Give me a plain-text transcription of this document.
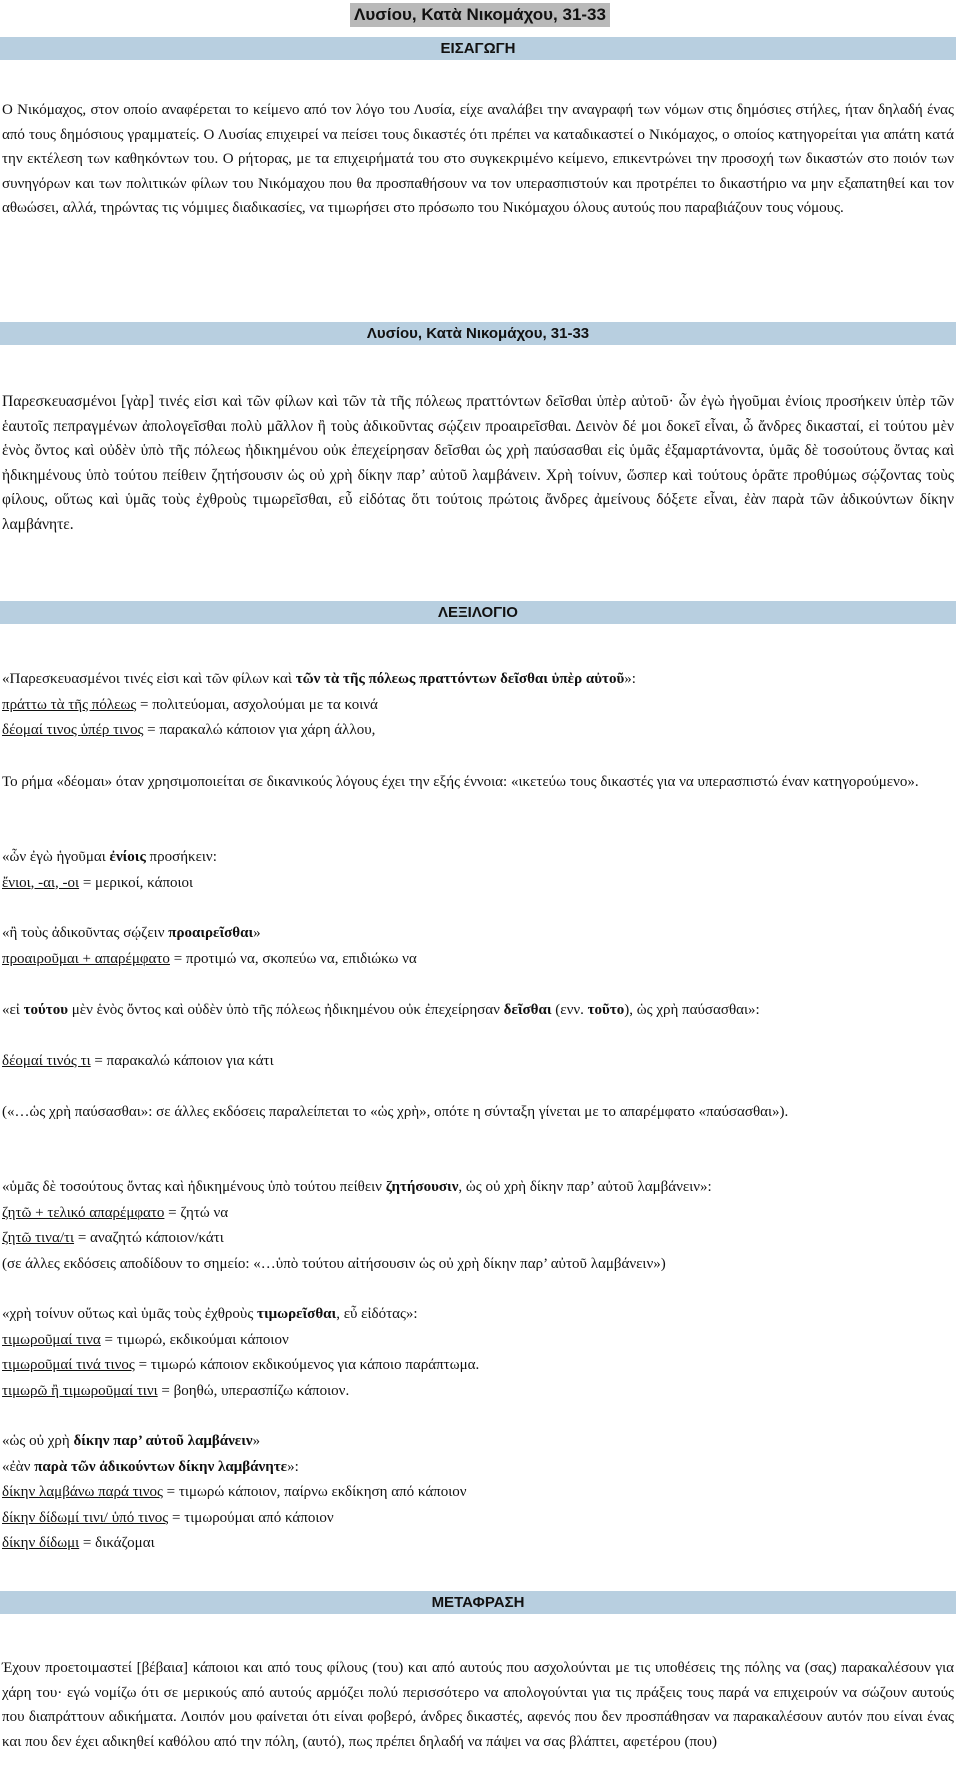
Λυσίου, Κατὰ Νικομάχου, 31-33
ΕΙΣΑΓΩΓΗ

Ο Νικόμαχος, στον οποίο αναφέρεται το κείμενο από τον λόγο του Λυσία, είχε αναλάβει την αναγραφή των νόμων στις δημόσιες στήλες, ήταν δηλαδή ένας από τους δημόσιους γραμματείς. Ο Λυσίας επιχειρεί να πείσει τους δικαστές ότι πρέπει να καταδικαστεί ο Νικόμαχος, ο οποίος κατηγορείται για απάτη κατά την εκτέλεση των καθηκόντων του. Ο ρήτορας, με τα επιχειρήματά του στο συγκεκριμένο κείμενο, επικεντρώνει την προσοχή των δικαστών στο ποιόν των συνηγόρων και των πολιτικών φίλων του Νικόμαχου που θα προσπαθήσουν να τον υπερασπιστούν και προτρέπει το δικαστήριο να μην εξαπατηθεί και τον αθωώσει, αλλά, τηρώντας τις νόμιμες διαδικασίες, να τιμωρήσει στο πρόσωπο του Νικόμαχου όλους αυτούς που παραβιάζουν τους νόμους.

Λυσίου, Κατὰ Νικομάχου, 31-33

Παρεσκευασμένοι [γὰρ] τινές εἰσι καὶ τῶν φίλων καὶ τῶν τὰ τῆς πόλεως πραττόντων δεῖσθαι ὑπὲρ αὐτοῦ· ὧν ἐγὼ ἡγοῦμαι ἐνίοις προσήκειν ὑπὲρ τῶν ἑαυτοῖς πεπραγμένων ἀπολογεῖσθαι πολὺ μᾶλλον ἢ τοὺς ἀδικοῦντας σῴζειν προαιρεῖσθαι. Δεινὸν δέ μοι δοκεῖ εἶναι, ὦ ἄνδρες δικασταί, εἰ τούτου μὲν ἑνὸς ὄντος καὶ οὐδὲν ὑπὸ τῆς πόλεως ἠδικημένου οὐκ ἐπεχείρησαν δεῖσθαι ὡς χρὴ παύσασθαι εἰς ὑμᾶς ἐξαμαρτάνοντα, ὑμᾶς δὲ τοσούτους ὄντας καὶ ἠδικημένους ὑπὸ τούτου πείθειν ζητήσουσιν ὡς οὐ χρὴ δίκην παρ’ αὐτοῦ λαμβάνειν. Χρὴ τοίνυν, ὥσπερ καὶ τούτους ὁρᾶτε προθύμως σῴζοντας τοὺς φίλους, οὕτως καὶ ὑμᾶς τοὺς ἐχθροὺς τιμωρεῖσθαι, εὖ εἰδότας ὅτι τούτοις πρώτοις ἄνδρες ἀμείνους δόξετε εἶναι, ἐὰν παρὰ τῶν ἀδικούντων δίκην λαμβάνητε.

ΛΕΞΙΛΟΓΙΟ
«Παρεσκευασμένοι τινές εἰσι καὶ τῶν φίλων καὶ τῶν τὰ τῆς πόλεως πραττόντων δεῖσθαι ὑπὲρ αὐτοῦ»:
πράττω τὰ τῆς πόλεως = πολιτεύομαι, ασχολούμαι με τα κοινά
δέομαί τινος ὑπέρ τινος = παρακαλώ κάποιον για χάρη άλλου,

Το ρήμα «δέομαι» όταν χρησιμοποιείται σε δικανικούς λόγους έχει την εξής έννοια: «ικετεύω τους δικαστές για να υπερασπιστώ έναν κατηγορούμενο».

«ὧν ἐγὼ ἡγοῦμαι ἐνίοις προσήκειν:
ἔνιοι, -αι, -οι = μερικοί, κάποιοι
«ἢ τοὺς ἀδικοῦντας σῴζειν προαιρεῖσθαι»
προαιροῦμαι + απαρέμφατο = προτιμώ να, σκοπεύω να, επιδιώκω να

«εἰ τούτου μὲν ἑνὸς ὄντος καὶ οὐδὲν ὑπὸ τῆς πόλεως ἠδικημένου οὐκ ἐπεχείρησαν δεῖσθαι (ενν. τοῦτο), ὡς χρὴ παύσασθαι»:

δέομαί τινός τι = παρακαλώ κάποιον για κάτι

(«…ὡς χρὴ παύσασθαι»: σε άλλες εκδόσεις παραλείπεται το «ὡς χρὴ», οπότε η σύνταξη γίνεται με το απαρέμφατο «παύσασθαι»).

«ὑμᾶς δὲ τοσούτους ὄντας καὶ ἠδικημένους ὑπὸ τούτου πείθειν ζητήσουσιν, ὡς οὐ χρὴ δίκην παρ’ αὐτοῦ λαμβάνειν»:
ζητῶ + τελικό απαρέμφατο = ζητώ να
ζητῶ τινα/τι = αναζητώ κάποιον/κάτι
(σε άλλες εκδόσεις αποδίδουν το σημείο: «…ὑπὸ τούτου αἰτήσουσιν ὡς οὐ χρὴ δίκην παρ’ αὐτοῦ λαμβάνειν»)
«χρὴ τοίνυν οὕτως καὶ ὑμᾶς τοὺς ἐχθροὺς τιμωρεῖσθαι, εὖ εἰδότας»:
τιμωροῦμαί τινα = τιμωρώ, εκδικούμαι κάποιον
τιμωροῦμαί τινά τινος = τιμωρώ κάποιον εκδικούμενος για κάποιο παράπτωμα.
τιμωρῶ ἢ τιμωροῦμαί τινι = βοηθώ, υπερασπίζω κάποιον.
«ὡς οὐ χρὴ δίκην παρ’ αὐτοῦ λαμβάνειν»
«ἐὰν παρὰ τῶν ἀδικούντων δίκην λαμβάνητε»:
δίκην λαμβάνω παρά τινος = τιμωρώ κάποιον, παίρνω εκδίκηση από κάποιον
δίκην δίδωμί τινι/ ὑπό τινος = τιμωρούμαι από κάποιον
δίκην δίδωμι = δικάζομαι
ΜΕΤΑΦΡΑΣΗ

Έχουν προετοιμαστεί [βέβαια] κάποιοι και από τους φίλους (του) και από αυτούς που ασχολούνται με τις υποθέσεις της πόλης να (σας) παρακαλέσουν για χάρη του· εγώ νομίζω ότι σε μερικούς από αυτούς αρμόζει πολύ περισσότερο να απολογούνται για τις πράξεις τους παρά να επιχειρούν να σώζουν αυτούς που διαπράττουν αδικήματα. Λοιπόν μου φαίνεται ότι είναι φοβερό, άνδρες δικαστές, αφενός που δεν προσπάθησαν να παρακαλέσουν αυτόν που είναι ένας και που δεν έχει αδικηθεί καθόλου από την πόλη, (αυτό), πως πρέπει δηλαδή να πάψει να σας βλάπτει, αφετέρου (που)
